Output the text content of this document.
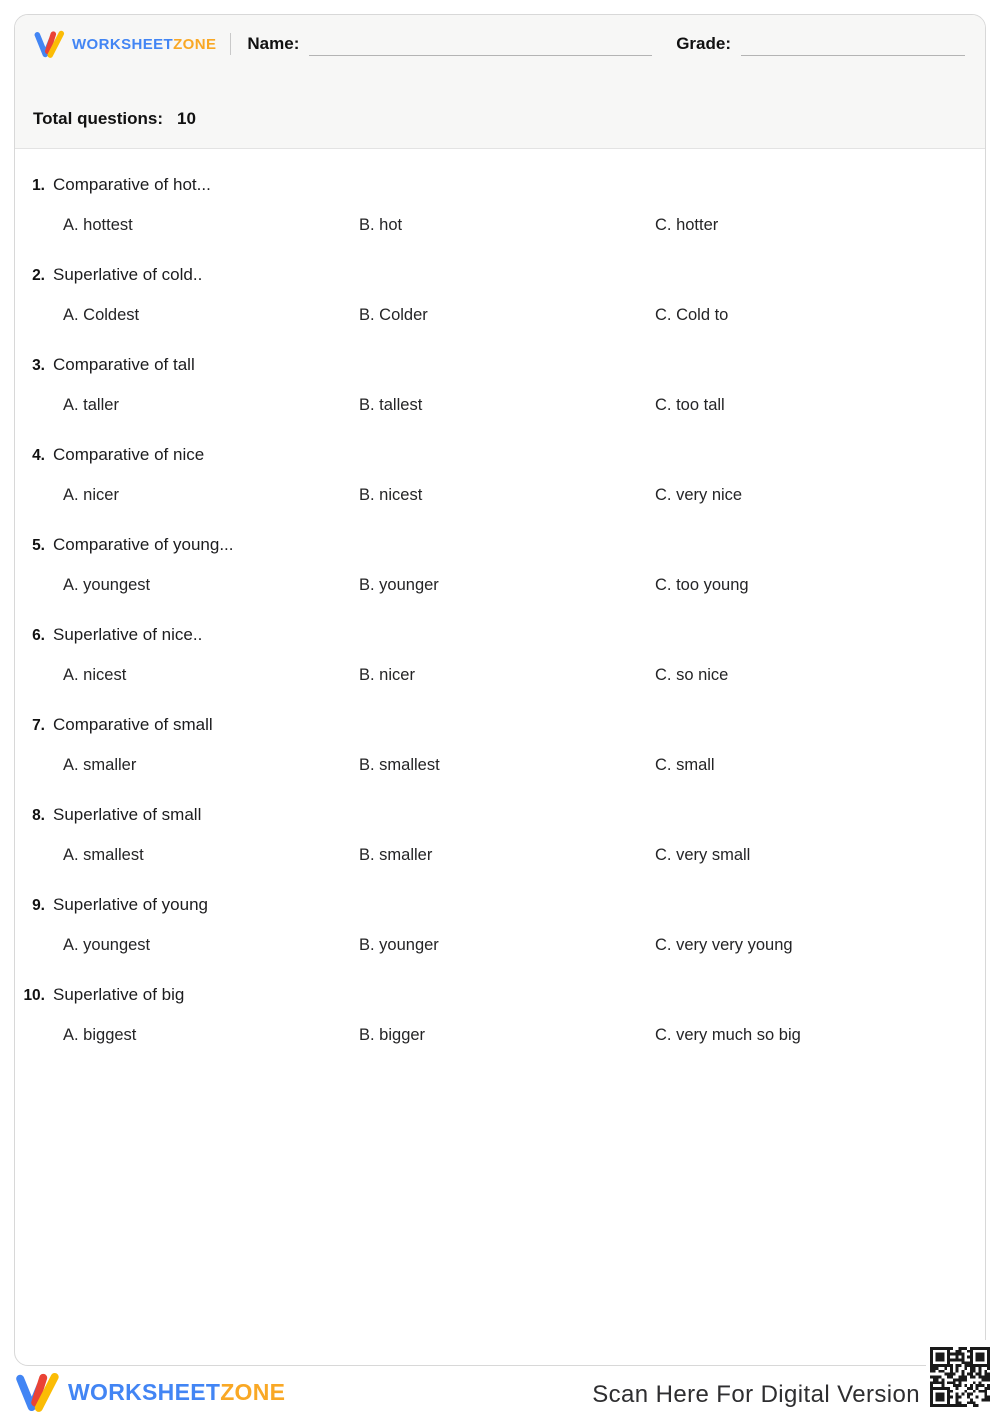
WORKSHEETZONE Name:	Grade:
Total questions: 10
1. Comparative of hot...
A. hottest	B. hot	C. hotter
2. Superlative of cold..
A. Coldest	B. Colder	C. Cold to
3. Comparative of tall
A. taller	B. tallest	C. too tall
4. Comparative of nice
A. nicer	B. nicest	C. very nice
5. Comparative of young...
A. youngest	B. younger	C. too young
6. Superlative of nice..
A. nicest	B. nicer	C. so nice
7. Comparative of small
A. smaller	B. smallest	C. small
8. Superlative of small
A. smallest	B. smaller	C. very small
9. Superlative of young
A. youngest	B. younger	C. very very young
10. Superlative of big
A. biggest	B. bigger	C. very much so big
WORKSHEETZONE	Scan Here For Digital Version
